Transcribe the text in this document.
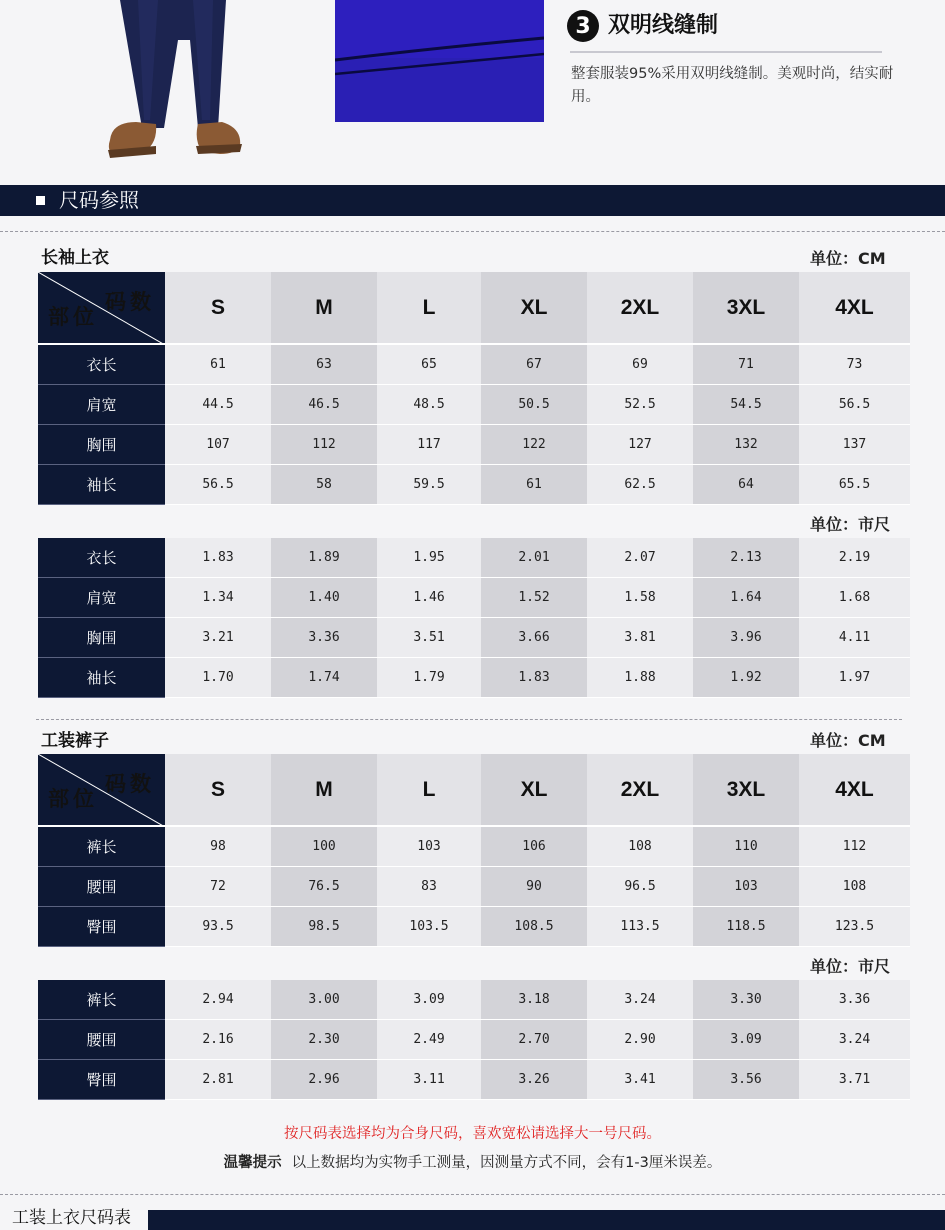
3 双明线缝制
整套服装95%采用双明线缝制。美观时尚，结实耐用。
尺码参照
长袖上衣	单位：CM
码数
部位	S	M	L	XL	2XL	3XL	4XL
衣长	61	63	65	67	69	71	73
肩宽	44.5	46.5	48.5	50.5	52.5	54.5	56.5
胸围	107	112	117	122	127	132	137
袖长	56.5	58	59.5	61	62.5	64	65.5
单位：市尺
衣长	1.83	1.89	1.95	2.01	2.07	2.13	2.19
肩宽	1.34	1.40	1.46	1.52	1.58	1.64	1.68
胸围	3.21	3.36	3.51	3.66	3.81	3.96	4.11
袖长	1.70	1.74	1.79	1.83	1.88	1.92	1.97
工装裤子	单位：CM
码数
部位	S	M	L	XL	2XL	3XL	4XL
裤长	98	100	103	106	108	110	112
腰围	72	76.5	83	90	96.5	103	108
臀围	93.5	98.5	103.5	108.5	113.5	118.5	123.5
单位：市尺
裤长	2.94	3.00	3.09	3.18	3.24	3.30	3.36
腰围	2.16	2.30	2.49	2.70	2.90	3.09	3.24
臀围	2.81	2.96	3.11	3.26	3.41	3.56	3.71
按尺码表选择均为合身尺码，喜欢宽松请选择大一号尺码。
温馨提示 以上数据均为实物手工测量，因测量方式不同，会有1-3厘米误差。
工装上衣尺码表
